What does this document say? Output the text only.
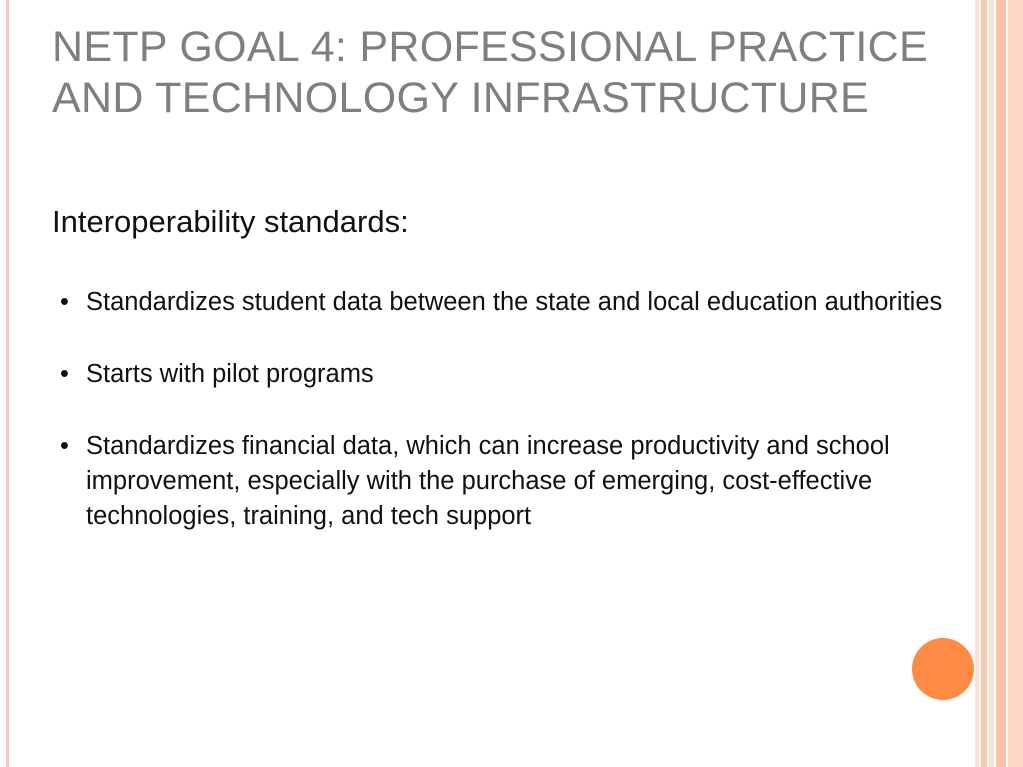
NETP GOAL 4: PROFESSIONAL PRACTICE AND TECHNOLOGY INFRASTRUCTURE

Interoperability standards:

• Standardizes student data between the state and local education authorities
• Starts with pilot programs
• Standardizes financial data, which can increase productivity and school improvement, especially with the purchase of emerging, cost-effective technologies, training, and tech support
